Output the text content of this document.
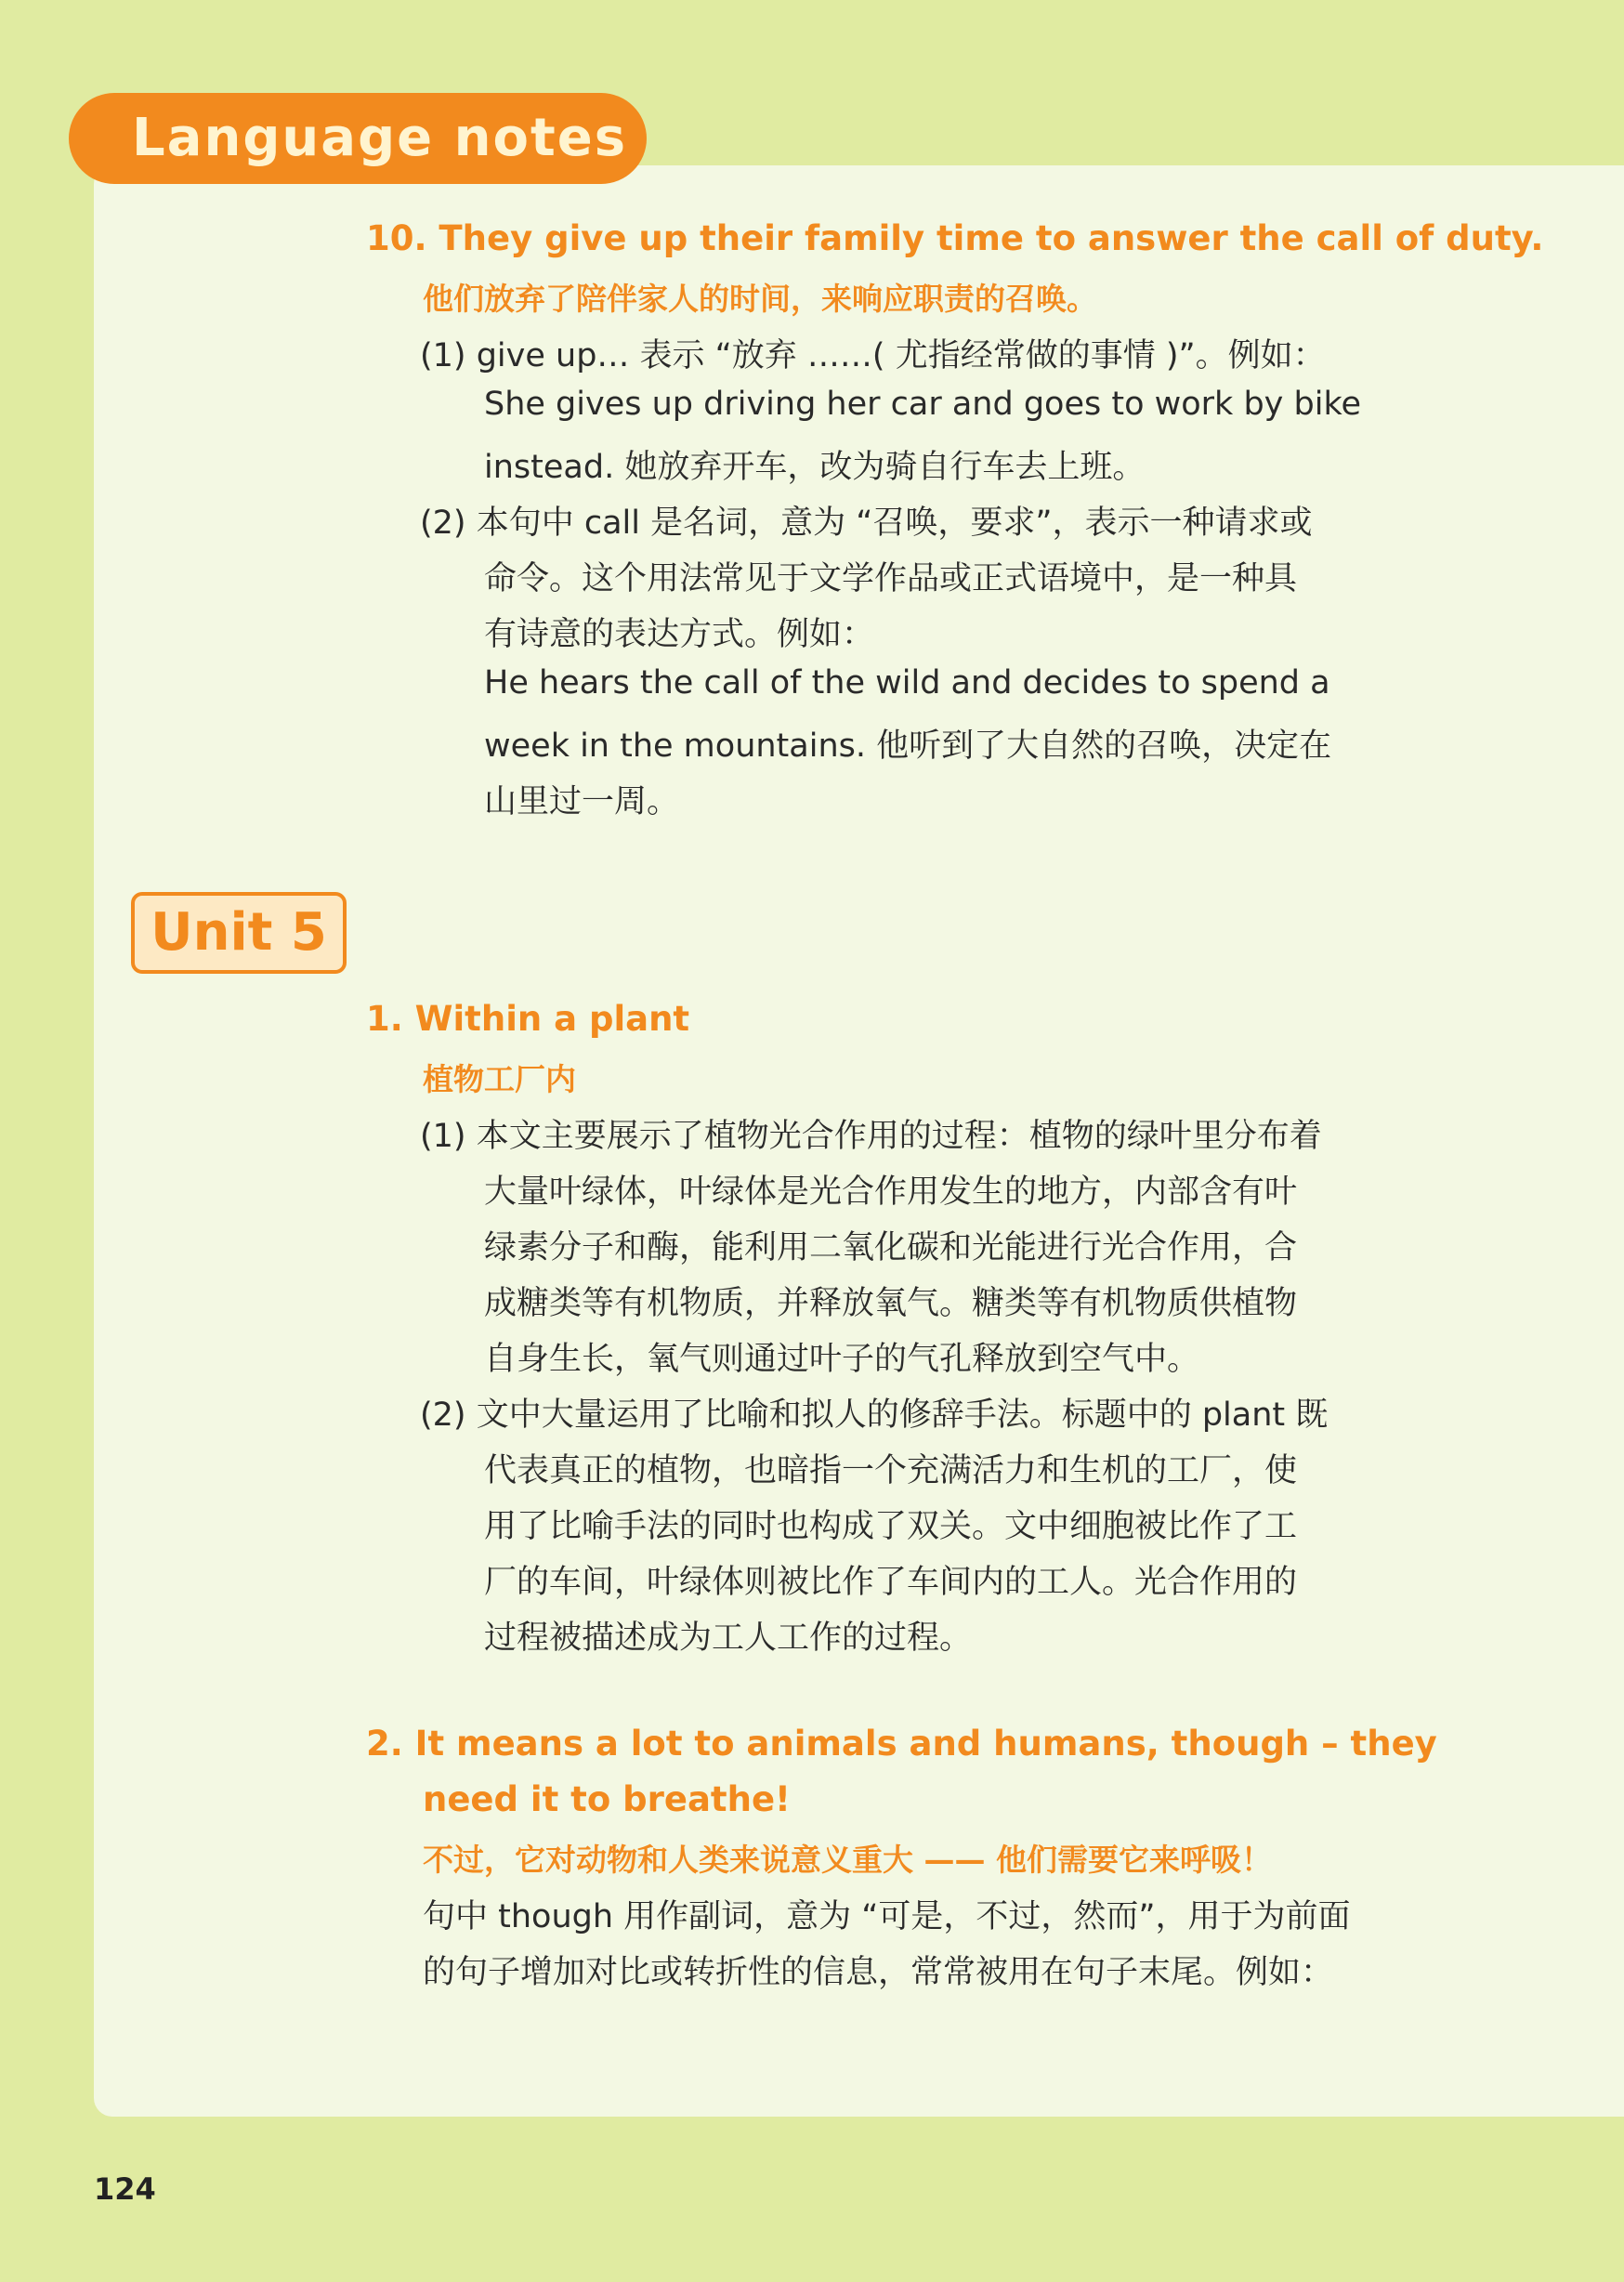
Language notes
10. They give up their family time to answer the call of duty.
他们放弃了陪伴家人的时间，来响应职责的召唤。
(1) give up… 表示 “放弃 ……( 尤指经常做的事情 )”。例如：
She gives up driving her car and goes to work by bike
instead. 她放弃开车，改为骑自行车去上班。
(2) 本句中 call 是名词，意为 “召唤，要求”，表示一种请求或
命令。这个用法常见于文学作品或正式语境中，是一种具
有诗意的表达方式。例如：
He hears the call of the wild and decides to spend a
week in the mountains. 他听到了大自然的召唤，决定在
山里过一周。
Unit 5
1. Within a plant
植物工厂内
(1) 本文主要展示了植物光合作用的过程：植物的绿叶里分布着
大量叶绿体，叶绿体是光合作用发生的地方，内部含有叶
绿素分子和酶，能利用二氧化碳和光能进行光合作用，合
成糖类等有机物质，并释放氧气。糖类等有机物质供植物
自身生长，氧气则通过叶子的气孔释放到空气中。
(2) 文中大量运用了比喻和拟人的修辞手法。标题中的 plant 既
代表真正的植物，也暗指一个充满活力和生机的工厂，使
用了比喻手法的同时也构成了双关。文中细胞被比作了工
厂的车间，叶绿体则被比作了车间内的工人。光合作用的
过程被描述成为工人工作的过程。
2. It means a lot to animals and humans, though – they
need it to breathe!
不过，它对动物和人类来说意义重大 —— 他们需要它来呼吸！
句中 though 用作副词，意为 “可是，不过，然而”，用于为前面
的句子增加对比或转折性的信息，常常被用在句子末尾。例如：
124
